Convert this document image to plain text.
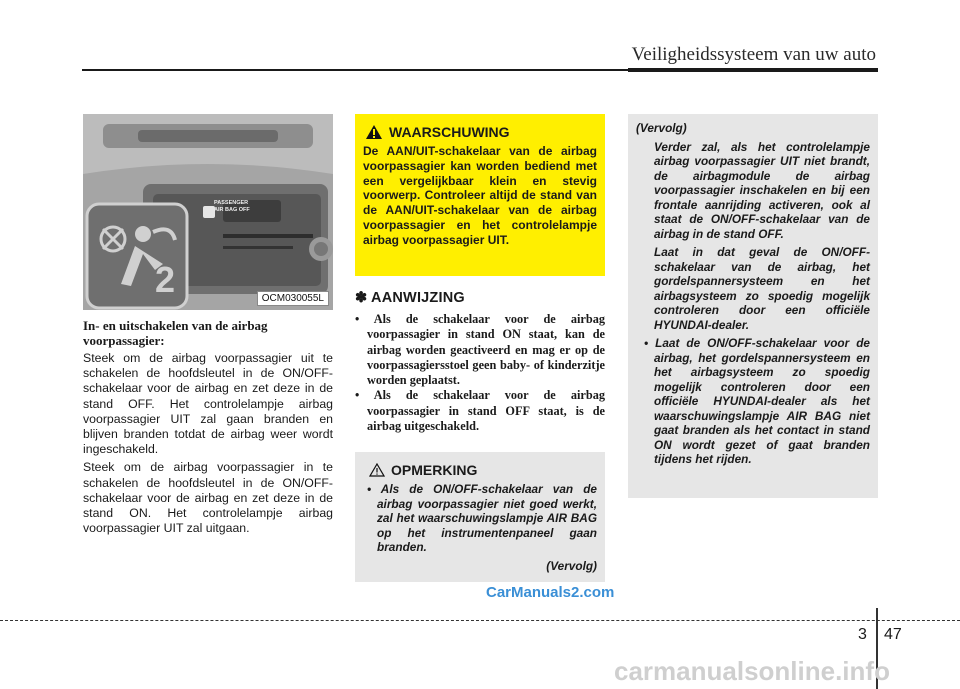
Veiligheidssysteem van uw auto
PASSENGER
AIR BAG OFF
2	OCM030055L

In- en uitschakelen van de airbag voorpassagier:

Steek om de airbag voorpassagier uit te schakelen de hoofdsleutel in de ON/OFF-schakelaar voor de airbag en zet deze in de stand OFF. Het controlelampje airbag voorpassagier UIT zal gaan branden en blijven branden totdat de airbag weer wordt ingeschakeld.

Steek om de airbag voorpassagier in te schakelen de hoofdsleutel in de ON/OFF-schakelaar voor de airbag en zet deze in de stand ON. Het controlelampje airbag voorpassagier UIT zal uitgaan.

WAARSCHUWING

De AAN/UIT-schakelaar van de airbag voorpassagier kan worden bediend met een vergelijkbaar klein en stevig voorwerp. Controleer altijd de stand van de AAN/UIT-schakelaar van de airbag voorpassagier en het controlelampje airbag voorpassagier UIT.

✽ AANWIJZING

• Als de schakelaar voor de airbag voorpassagier in stand ON staat, kan de airbag worden geactiveerd en mag er op de voorpassagiersstoel geen baby- of kinderzitje worden geplaatst.
• Als de schakelaar voor de airbag voorpassagier in stand OFF staat, is de airbag uitgeschakeld.
OPMERKING

• Als de ON/OFF-schakelaar van de airbag voorpassagier niet goed werkt, zal het waarschuwingslampje AIR BAG op het instrumentenpaneel gaan branden.

(Vervolg)

(Vervolg)

Verder zal, als het controlelampje airbag voorpassagier UIT niet brandt, de airbagmodule de airbag voorpassagier inschakelen en bij een frontale aanrijding activeren, ook al staat de ON/OFF-schakelaar van de airbag in de stand OFF.

Laat in dat geval de ON/OFF-schakelaar van de airbag, het gordelspannersysteem en het airbagsysteem zo spoedig mogelijk controleren door een officiële HYUNDAI-dealer.

• Laat de ON/OFF-schakelaar voor de airbag, het gordelspannersysteem en het airbagsysteem zo spoedig mogelijk controleren door een officiële HYUNDAI-dealer als het waarschuwingslampje AIR BAG niet gaat branden als het contact in stand ON wordt gezet of gaat branden tijdens het rijden.

CarManuals2.com
3 47
carmanualsonline.info
